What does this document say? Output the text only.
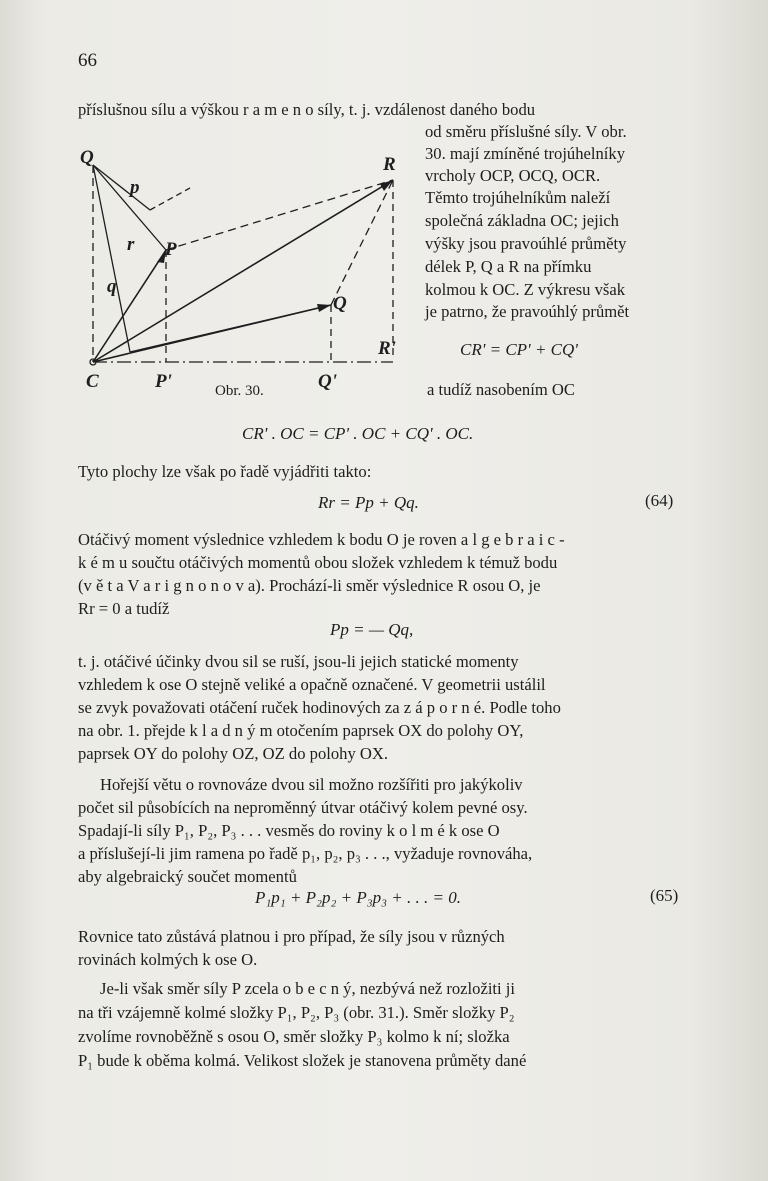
66
Q	R
p
r P
q
Q
R'
C	P'	Q'
Obr. 30.
příslušnou sílu a výškou r a m e n o síly, t. j. vzdálenost daného bodu
od směru příslušné síly. V obr.
30. mají zmíněné trojúhelníky
vrcholy OCP, OCQ, OCR.
Těmto trojúhelníkům naleží
společná základna OC; jejich
výšky jsou pravoúhlé průměty
délek P, Q a R na přímku
kolmou k OC. Z výkresu však
je patrno, že pravoúhlý průmět
CR' = CP' + CQ'
a tudíž nasobením OC
CR' . OC = CP' . OC + CQ' . OC.
Tyto plochy lze však po řadě vyjádřiti takto:
Rr = Pp + Qq.	(64)
Otáčivý moment výslednice vzhledem k bodu O je roven a l g e b r a i c -
k é m u součtu otáčivých momentů obou složek vzhledem k témuž bodu
(v ě t a V a r i g n o n o v a). Prochází-li směr výslednice R osou O, je
Rr = 0 a tudíž
Pp = — Qq,
t. j. otáčivé účinky dvou sil se ruší, jsou-li jejich statické momenty
vzhledem k ose O stejně veliké a opačně označené. V geometrii ustálil
se zvyk považovati otáčení ruček hodinových za z á p o r n é. Podle toho
na obr. 1. přejde k l a d n ý m otočením paprsek OX do polohy OY,
paprsek OY do polohy OZ, OZ do polohy OX.
Hořejší větu o rovnováze dvou sil možno rozšířiti pro jakýkoliv
počet sil působících na neproměnný útvar otáčivý kolem pevné osy.
Spadají-li síly P₁, P₂, P₃ . . . vesměs do roviny k o l m é k ose O
a příslušejí-li jim ramena po řadě p₁, p₂, p₃ . . ., vyžaduje rovnováha,
aby algebraický součet momentů
P₁p₁ + P₂p₂ + P₃p₃ + . . . = 0.	(65)
Rovnice tato zůstává platnou i pro případ, že síly jsou v různých
rovinách kolmých k ose O.
Je-li však směr síly P zcela o b e c n ý, nezbývá než rozložiti ji
na tři vzájemně kolmé složky P₁, P₂, P₃ (obr. 31.). Směr složky P₂
zvolíme rovnoběžně s osou O, směr složky P₃ kolmo k ní; složka
P₁ bude k oběma kolmá. Velikost složek je stanovena průměty dané
